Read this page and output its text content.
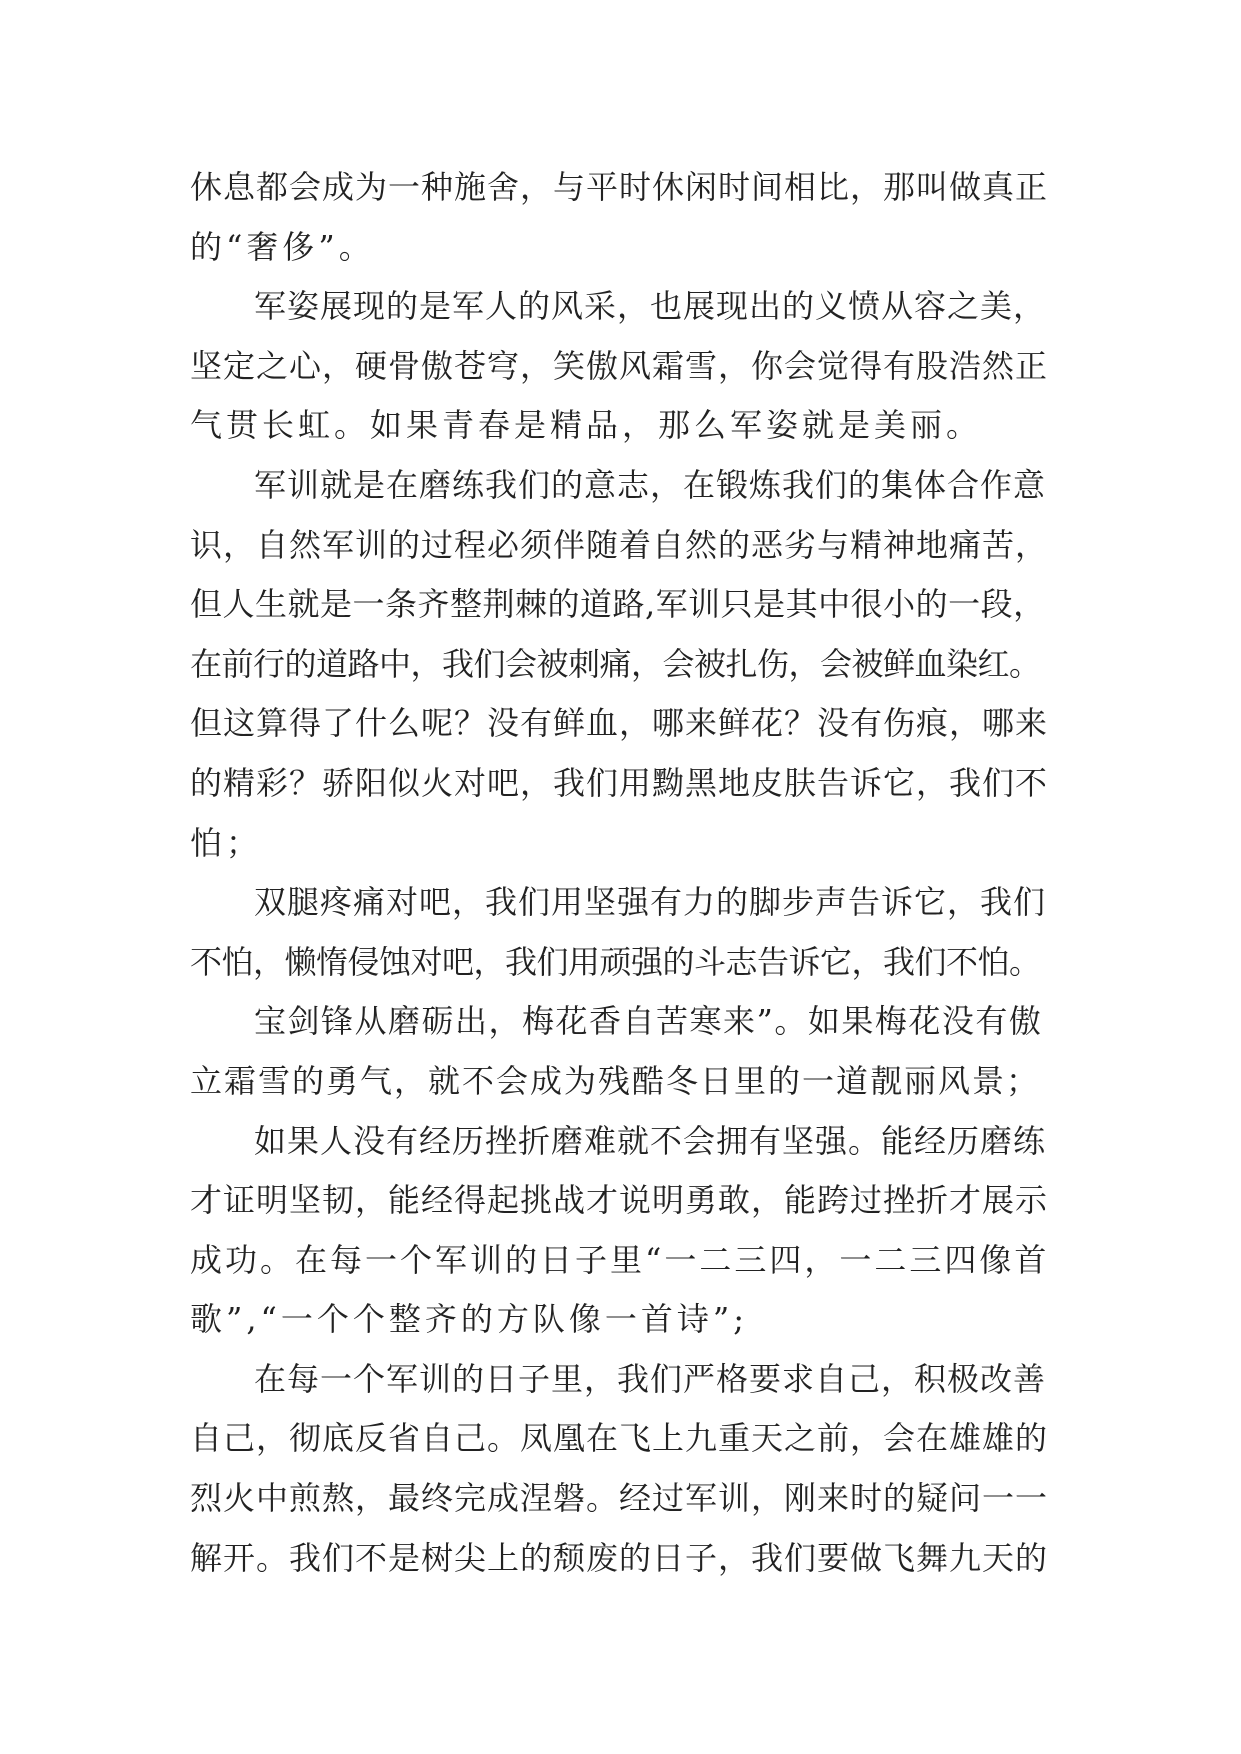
休息都会成为一种施舍，与平时休闲时间相比，那叫做真正
的“奢侈”。
军姿展现的是军人的风采，也展现出的义愤从容之美，
坚定之心，硬骨傲苍穹，笑傲风霜雪，你会觉得有股浩然正
气贯长虹。如果青春是精品，那么军姿就是美丽。
军训就是在磨练我们的意志，在锻炼我们的集体合作意
识，自然军训的过程必须伴随着自然的恶劣与精神地痛苦，
但人生就是一条齐整荆棘的道路,军训只是其中很小的一段，
在前行的道路中，我们会被刺痛，会被扎伤，会被鲜血染红。
但这算得了什么呢？没有鲜血，哪来鲜花？没有伤痕，哪来
的精彩？骄阳似火对吧，我们用黝黑地皮肤告诉它，我们不
怕；
双腿疼痛对吧，我们用坚强有力的脚步声告诉它，我们
不怕，懒惰侵蚀对吧，我们用顽强的斗志告诉它，我们不怕。
宝剑锋从磨砺出，梅花香自苦寒来”。如果梅花没有傲
立霜雪的勇气，就不会成为残酷冬日里的一道靓丽风景；
如果人没有经历挫折磨难就不会拥有坚强。能经历磨练
才证明坚韧，能经得起挑战才说明勇敢，能跨过挫折才展示
成功。在每一个军训的日子里“一二三四，一二三四像首
歌”,“一个个整齐的方队像一首诗”;
在每一个军训的日子里，我们严格要求自己，积极改善
自己，彻底反省自己。凤凰在飞上九重天之前，会在雄雄的
烈火中煎熬，最终完成涅磐。经过军训，刚来时的疑问一一
解开。我们不是树尖上的颓废的日子，我们要做飞舞九天的
